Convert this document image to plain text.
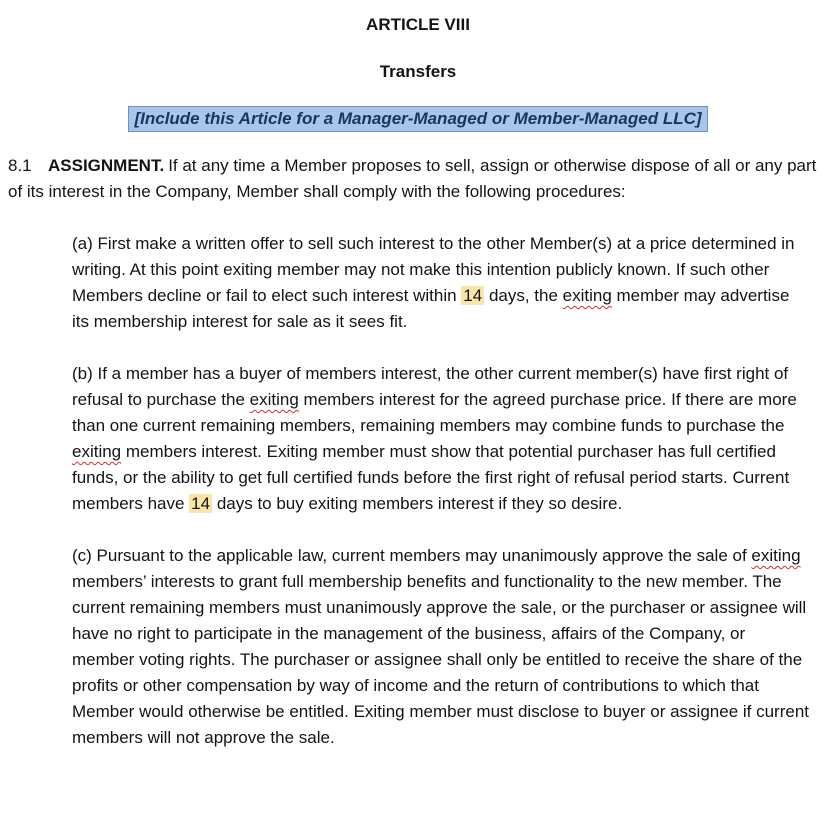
ARTICLE VIII
Transfers
[Include this Article for a Manager-Managed or Member-Managed LLC]

8.1 ASSIGNMENT. If at any time a Member proposes to sell, assign or otherwise dispose of all or any part of its interest in the Company, Member shall comply with the following procedures:

(a) First make a written offer to sell such interest to the other Member(s) at a price determined in writing. At this point exiting member may not make this intention publicly known. If such other Members decline or fail to elect such interest within 14 days, the exiting member may advertise its membership interest for sale as it sees fit.

(b) If a member has a buyer of members interest, the other current member(s) have first right of refusal to purchase the exiting members interest for the agreed purchase price. If there are more than one current remaining members, remaining members may combine funds to purchase the exiting members interest. Exiting member must show that potential purchaser has full certified funds, or the ability to get full certified funds before the first right of refusal period starts. Current members have 14 days to buy exiting members interest if they so desire.

(c) Pursuant to the applicable law, current members may unanimously approve the sale of exiting members’ interests to grant full membership benefits and functionality to the new member. The current remaining members must unanimously approve the sale, or the purchaser or assignee will have no right to participate in the management of the business, affairs of the Company, or member voting rights. The purchaser or assignee shall only be entitled to receive the share of the profits or other compensation by way of income and the return of contributions to which that Member would otherwise be entitled. Exiting member must disclose to buyer or assignee if current members will not approve the sale.
